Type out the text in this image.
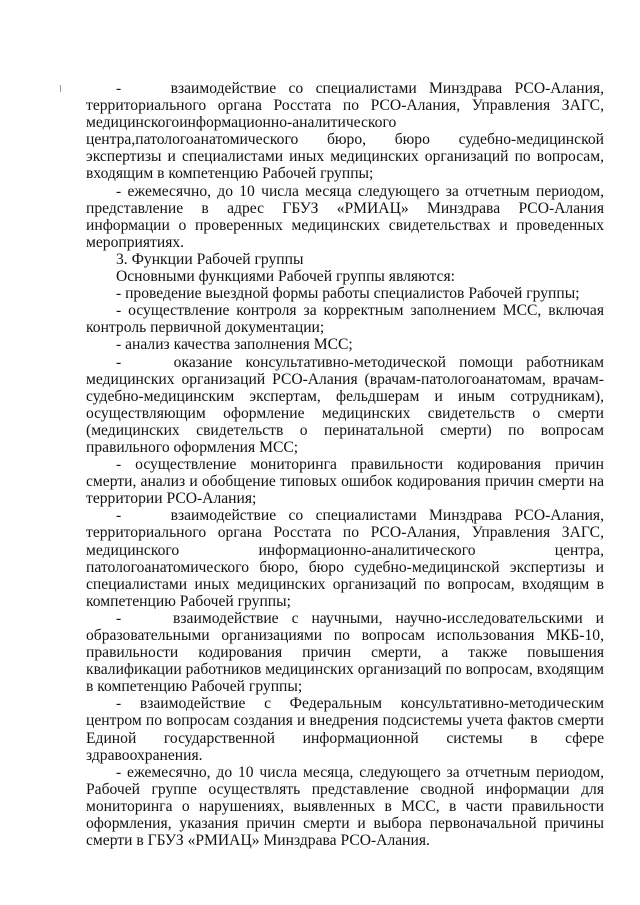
-    взаимодействие со специалистами Минздрава РСО-Алания, территориального органа Росстата по РСО-Алания, Управления ЗАГС, медицинскогоинформационно-аналитического центра,патологоанатомического бюро, бюро судебно-медицинской экспертизы и специалистами иных медицинских организаций по вопросам, входящим в компетенцию Рабочей группы;

- ежемесячно, до 10 числа месяца следующего за отчетным периодом, представление в адрес ГБУЗ «РМИАЦ» Минздрава РСО-Алания информации о проверенных медицинских свидетельствах и проведенных мероприятиях.

3. Функции Рабочей группы

Основными функциями Рабочей группы являются:

- проведение выездной формы работы специалистов Рабочей группы;

- осуществление контроля за корректным заполнением МСС, включая контроль первичной документации;

- анализ качества заполнения МСС;

-    оказание консультативно-методической помощи работникам медицинских организаций РСО-Алания (врачам-патологоанатомам, врачам-судебно-медицинским экспертам, фельдшерам и иным сотрудникам), осуществляющим оформление медицинских свидетельств о смерти (медицинских свидетельств о перинатальной смерти) по вопросам правильного оформления МСС;

- осуществление мониторинга правильности кодирования причин смерти, анализ и обобщение типовых ошибок кодирования причин смерти на территории РСО-Алания;

-    взаимодействие со специалистами Минздрава РСО-Алания, территориального органа Росстата по РСО-Алания, Управления ЗАГС, медицинского информационно-аналитического центра, патологоанатомического бюро, бюро судебно-медицинской экспертизы и специалистами иных медицинских организаций по вопросам, входящим в компетенцию Рабочей группы;

-    взаимодействие с научными, научно-исследовательскими и образовательными организациями по вопросам использования МКБ-10, правильности кодирования причин смерти, а также повышения квалификации работников медицинских организаций по вопросам, входящим в компетенцию Рабочей группы;

- взаимодействие с Федеральным консультативно-методическим центром по вопросам создания и внедрения подсистемы учета фактов смерти Единой государственной информационной системы в сфере здравоохранения.

- ежемесячно, до 10 числа месяца, следующего за отчетным периодом, Рабочей группе осуществлять представление сводной информации для мониторинга о нарушениях, выявленных в МСС, в части правильности оформления, указания причин смерти и выбора первоначальной причины смерти в ГБУЗ «РМИАЦ» Минздрава РСО-Алания.
